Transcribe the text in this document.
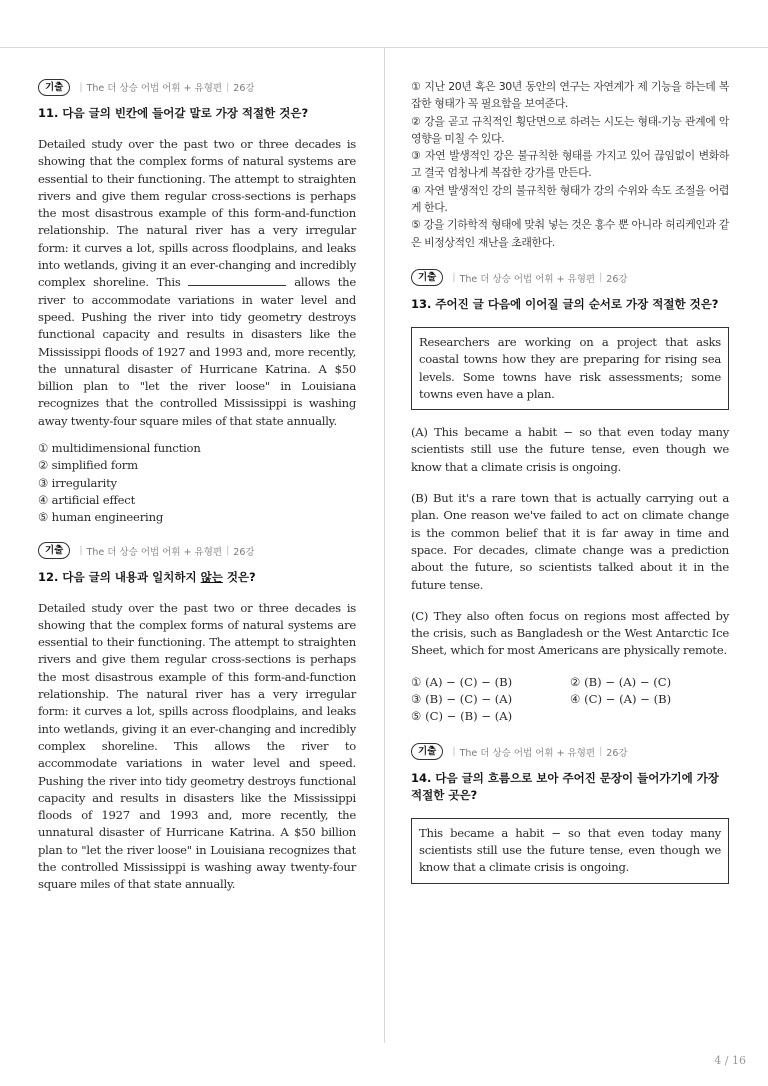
기출	| The 더 상승 어법 어휘 + 유형편 | 26강
11. 다음 글의 빈칸에 들어갈 말로 가장 적절한 것은?
Detailed study over the past two or three decades is showing that the complex forms of natural systems are essential to their functioning. The attempt to straighten rivers and give them regular cross-sections is perhaps the most disastrous example of this form-and-function relationship. The natural river has a very irregular form: it curves a lot, spills across floodplains, and leaks into wetlands, giving it an ever-changing and incredibly complex shoreline. This	allows the river to accommodate variations in water level and speed. Pushing the river into tidy geometry destroys functional capacity and results in disasters like the Mississippi floods of 1927 and 1993 and, more recently, the unnatural disaster of Hurricane Katrina. A $50 billion plan to "let the river loose" in Louisiana recognizes that the controlled Mississippi is washing away twenty-four square miles of that state annually.
① multidimensional function
② simplified form
③ irregularity
④ artificial effect
⑤ human engineering
기출	| The 더 상승 어법 어휘 + 유형편 | 26강
12. 다음 글의 내용과 일치하지 않는 것은?
Detailed study over the past two or three decades is showing that the complex forms of natural systems are essential to their functioning. The attempt to straighten rivers and give them regular cross-sections is perhaps the most disastrous example of this form-and-function relationship. The natural river has a very irregular form: it curves a lot, spills across floodplains, and leaks into wetlands, giving it an ever-changing and incredibly complex shoreline. This allows the river to accommodate variations in water level and speed. Pushing the river into tidy geometry destroys functional capacity and results in disasters like the Mississippi floods of 1927 and 1993 and, more recently, the unnatural disaster of Hurricane Katrina. A $50 billion plan to "let the river loose" in Louisiana recognizes that the controlled Mississippi is washing away twenty-four square miles of that state annually.
① 지난 20년 혹은 30년 동안의 연구는 자연계가 제 기능을 하는데 복잡한 형태가 꼭 필요함을 보여준다.
② 강을 곧고 규칙적인 횡단면으로 하려는 시도는 형태-기능 관계에 악영향을 미칠 수 있다.
③ 자연 발생적인 강은 불규칙한 형태를 가지고 있어 끊임없이 변화하고 결국 엄청나게 복잡한 강가를 만든다.
④ 자연 발생적인 강의 불규칙한 형태가 강의 수위와 속도 조절을 어렵게 한다.
⑤ 강을 기하학적 형태에 맞춰 넣는 것은 홍수 뿐 아니라 허리케인과 같은 비정상적인 재난을 초래한다.
기출	| The 더 상승 어법 어휘 + 유형편 | 26강
13. 주어진 글 다음에 이어질 글의 순서로 가장 적절한 것은?
Researchers are working on a project that asks coastal towns how they are preparing for rising sea levels. Some towns have risk assessments; some towns even have a plan.
(A) This became a habit − so that even today many scientists still use the future tense, even though we know that a climate crisis is ongoing.
(B) But it's a rare town that is actually carrying out a plan. One reason we've failed to act on climate change is the common belief that it is far away in time and space. For decades, climate change was a prediction about the future, so scientists talked about it in the future tense.
(C) They also often focus on regions most affected by the crisis, such as Bangladesh or the West Antarctic Ice Sheet, which for most Americans are physically remote.
① (A) − (C) − (B)	② (B) − (A) − (C)
③ (B) − (C) − (A)	④ (C) − (A) − (B)
⑤ (C) − (B) − (A)
기출	| The 더 상승 어법 어휘 + 유형편 | 26강
14. 다음 글의 흐름으로 보아 주어진 문장이 들어가기에 가장 적절한 곳은?
This became a habit − so that even today many scientists still use the future tense, even though we know that a climate crisis is ongoing.
4 / 16
